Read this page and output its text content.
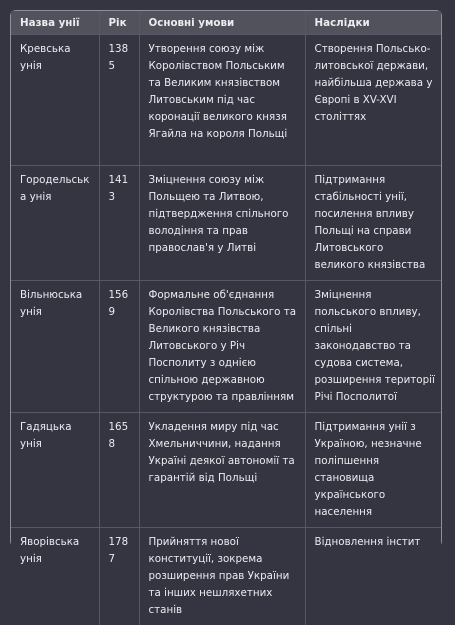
Назва унії	Рік	Основні умови	Наслідки
Кревська унія	1385	Утворення союзу між Королівством Польським та Великим князівством Литовським під час коронації великого князя Ягайла на короля Польщі	Створення Польсько-литовської держави, найбільша держава у Європі в XV-XVI століттях
Городельська унія	1413	Зміцнення союзу між Польщею та Литвою, підтвердження спільного володіння та прав православ'я у Литві	Підтримання стабільності унії, посилення впливу Польщі на справи Литовського великого князівства
Вільнюська унія	1569	Формальне об'єднання Королівства Польського та Великого князівства Литовського у Річ Посполиту з однією спільною державною структурою та правлінням	Зміцнення польського впливу, спільні законодавство та судова система, розширення території Річі Посполитої
Гадяцька унія	1658	Укладення миру під час Хмельниччини, надання Україні деякої автономії та гарантій від Польщі	Підтримання унії з Україною, незначне поліпшення становища українського населення
Яворівська унія	1787	Прийняття нової конституції, зокрема розширення прав України та інших нешляхетних станів	Відновлення інстит
